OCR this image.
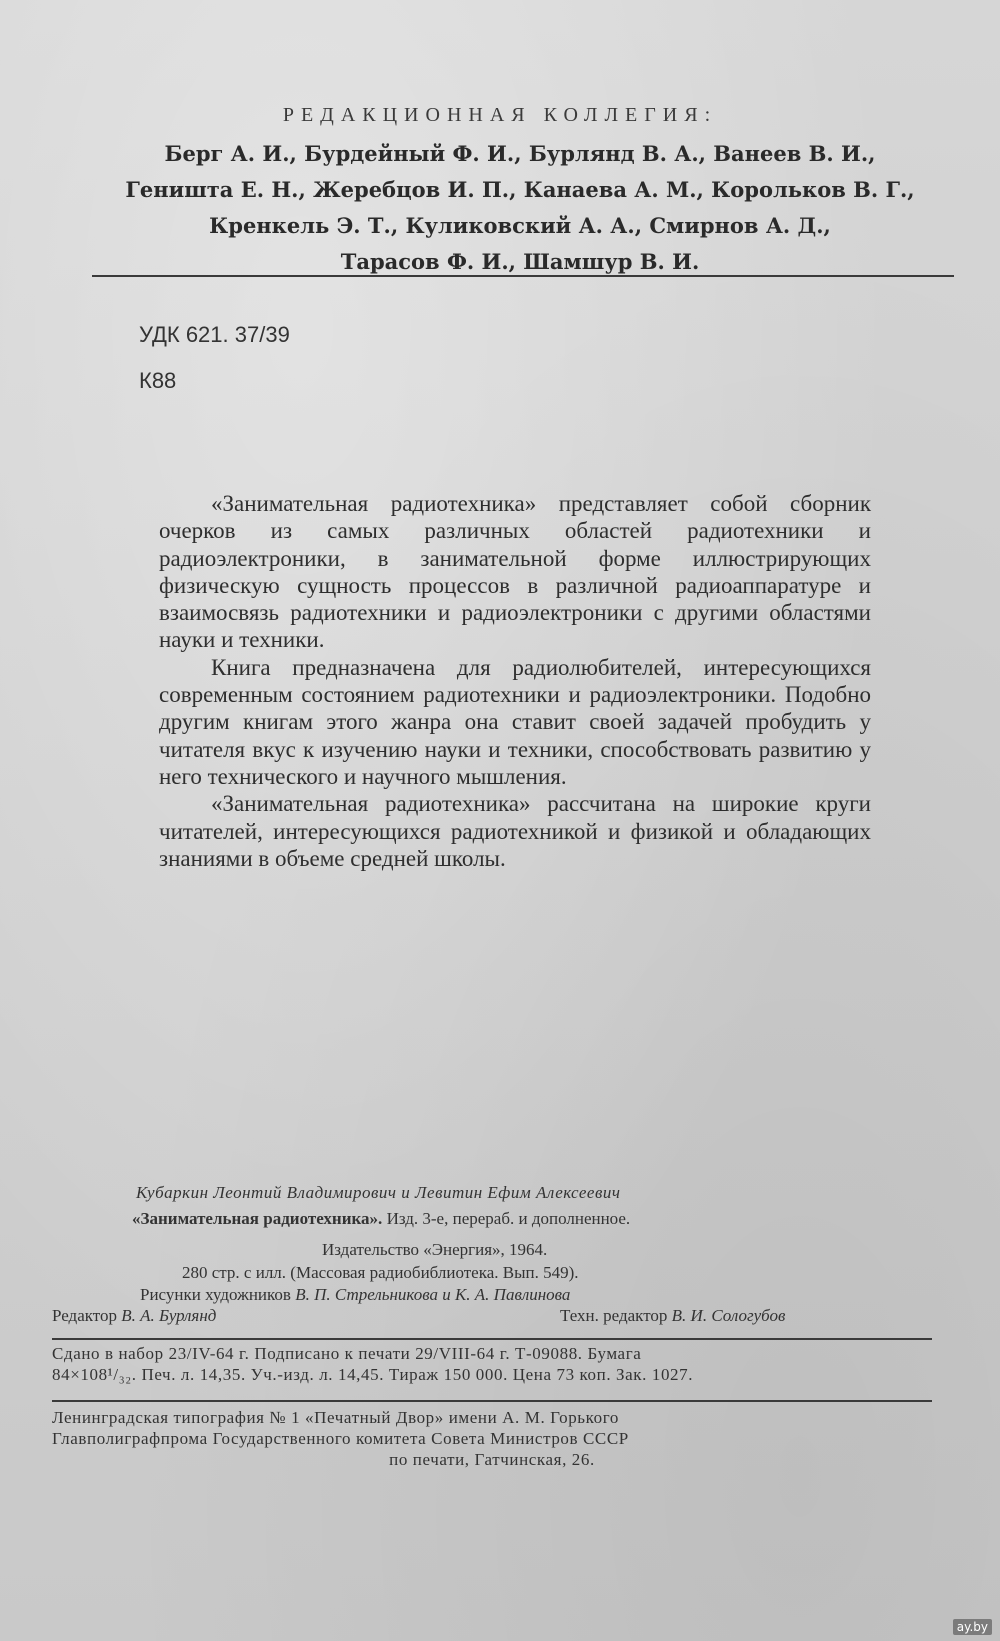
РЕДАКЦИОННАЯ КОЛЛЕГИЯ:
Берг А. И., Бурдейный Ф. И., Бурлянд В. А., Ванеев В. И.,
Геништа Е. Н., Жеребцов И. П., Канаева А. М., Корольков В. Г.,
Кренкель Э. Т., Куликовский А. А., Смирнов А. Д.,
Тарасов Ф. И., Шамшур В. И.
УДК 621. 37/39
К88

«Занимательная радиотехника» представляет собой сборник очерков из самых различных областей радиотехники и радиоэлектроники, в занимательной форме иллюстрирующих физическую сущность процессов в различной радиоаппаратуре и взаимосвязь радиотехники и радиоэлектроники с другими областями науки и техники.

Книга предназначена для радиолюбителей, интересующихся современным состоянием радиотехники и радиоэлектроники. Подобно другим книгам этого жанра она ставит своей задачей пробудить у читателя вкус к изучению науки и техники, способствовать развитию у него технического и научного мышления.

«Занимательная радиотехника» рассчитана на широкие круги читателей, интересующихся радиотехникой и физикой и обладающих знаниями в объеме средней школы.

Кубаркин Леонтий Владимирович и Левитин Ефим Алексеевич
«Занимательная радиотехника». Изд. 3-е, перераб. и дополненное.
Издательство «Энергия», 1964.
280 стр. с илл. (Массовая радиобиблиотека. Вып. 549).
Рисунки художников В. П. Стрельникова и К. А. Павлинова
Редактор В. А. Бурлянд	Техн. редактор В. И. Сологубов
Сдано в набор 23/IV-64 г. Подписано к печати 29/VIII-64 г. Т-09088. Бумага
84×108¹/₃₂. Печ. л. 14,35. Уч.-изд. л. 14,45. Тираж 150 000. Цена 73 коп. Зак. 1027.
Ленинградская типография № 1 «Печатный Двор» имени А. М. Горького
Главполиграфпрома Государственного комитета Совета Министров СССР
по печати, Гатчинская, 26.
ay.by
